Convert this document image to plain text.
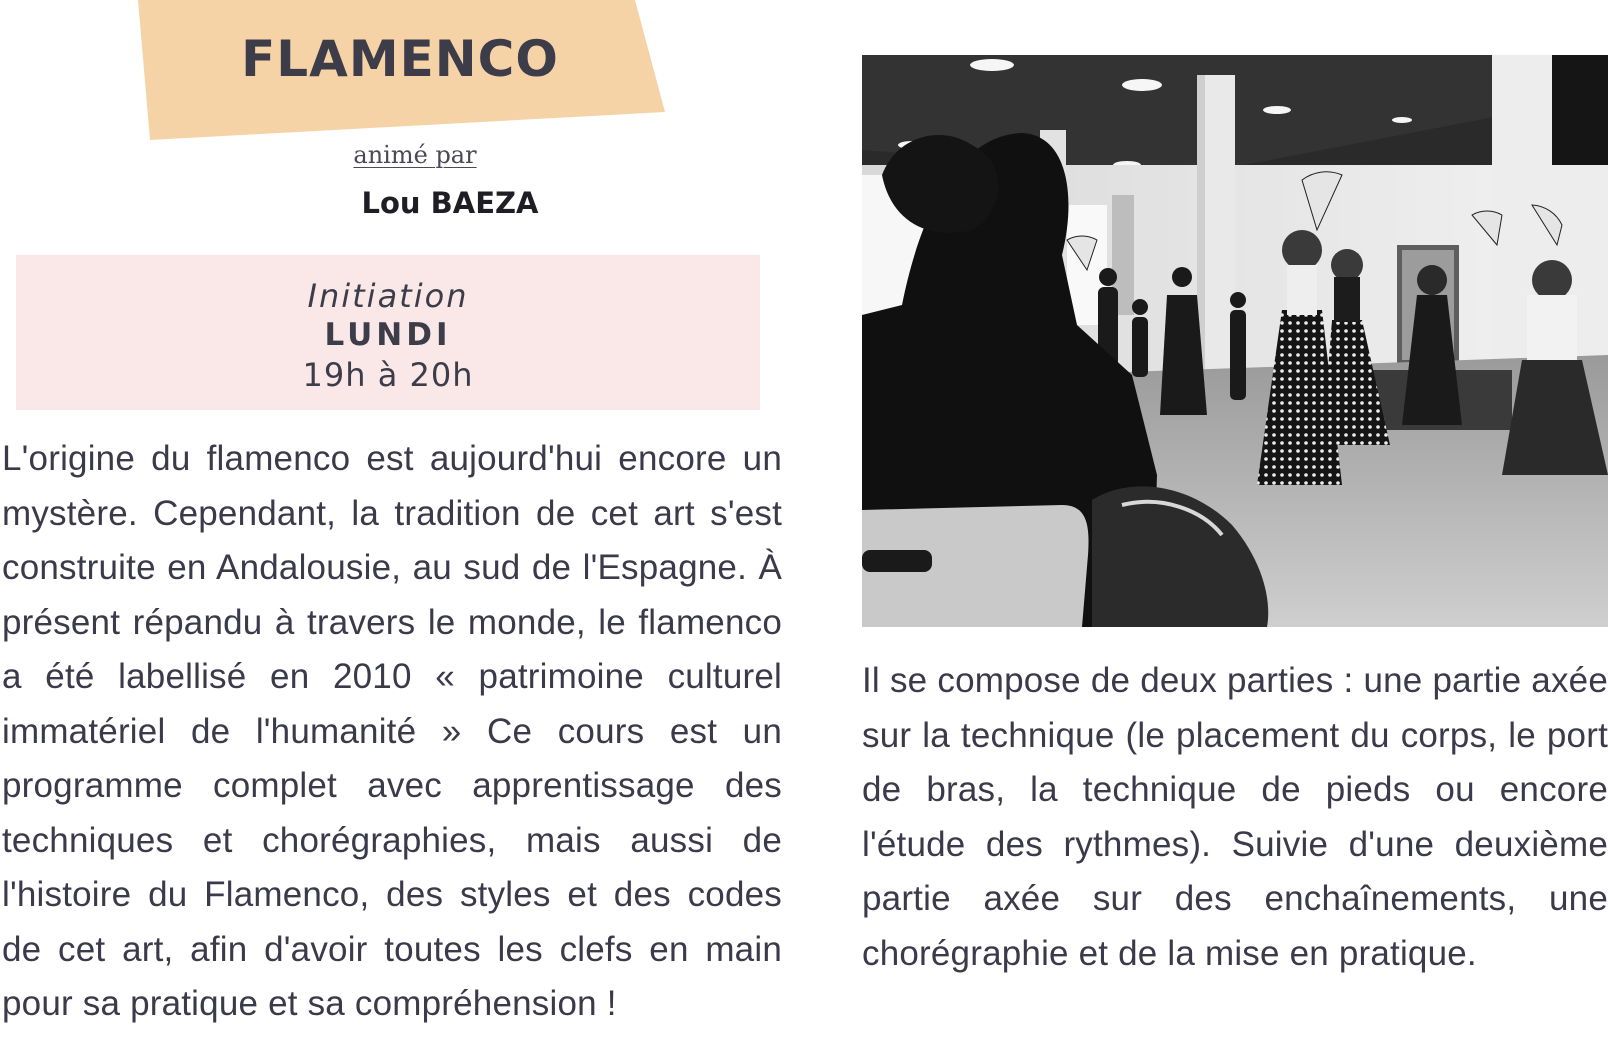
FLAMENCO
animé par
Lou BAEZA
Initiation
LUNDI
19h à 20h
L'origine du flamenco est aujourd'hui encore un mystère. Cependant, la tradition de cet art s'est construite en Andalousie, au sud de l'Espagne. À présent répandu à travers le monde, le flamenco a été labellisé en 2010 « patrimoine culturel immatériel de l'humanité » Ce cours est un programme complet avec apprentissage des techniques et chorégraphies, mais aussi de l'histoire du Flamenco, des styles et des codes de cet art, afin d'avoir toutes les clefs en main pour sa pratique et sa compréhension !
Il se compose de deux parties : une partie axée sur la technique (le placement du corps, le port de bras, la technique de pieds ou encore l'étude des rythmes). Suivie d'une deuxième partie axée sur des enchaînements, une chorégraphie et de la mise en pratique.
